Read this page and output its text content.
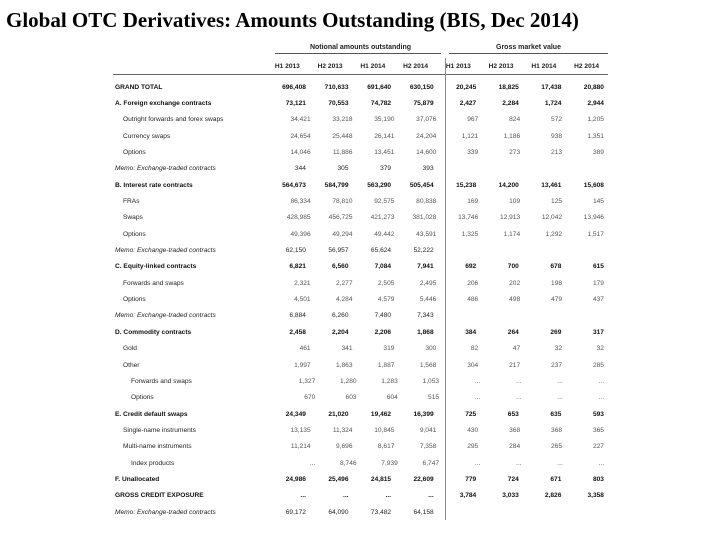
Global OTC Derivatives: Amounts Outstanding (BIS, Dec 2014)
Notional amounts outstanding	Gross market value
H1 2013	H2 2013	H1 2014	H2 2014	H1 2013	H2 2013	H1 2014	H2 2014
GRAND TOTAL	696,408	710,633	691,640	630,150	20,245	18,825	17,438	20,880
A. Foreign exchange contracts	73,121	70,553	74,782	75,879	2,427	2,284	1,724	2,944
Outright forwards and forex swaps	34,421	33,218	35,190	37,076	967	824	572	1,205
Currency swaps	24,654	25,448	26,141	24,204	1,121	1,186	938	1,351
Options	14,046	11,886	13,451	14,600	339	273	213	389
Memo: Exchange-traded contracts	344	305	379	393
B. Interest rate contracts	564,673	584,799	563,290	505,454	15,238	14,200	13,461	15,608
FRAs	86,334	78,810	92,575	80,838	169	109	125	145
Swaps	428,985	456,725	421,273	381,028	13,746	12,913	12,042	13,946
Options	49,396	49,294	49,442	43,591	1,325	1,174	1,292	1,517
Memo: Exchange-traded contracts	62,150	56,957	65,624	52,222
C. Equity-linked contracts	6,821	6,560	7,084	7,941	692	700	678	615
Forwards and swaps	2,321	2,277	2,505	2,495	206	202	198	179
Options	4,501	4,284	4,579	5,446	486	498	479	437
Memo: Exchange-traded contracts	6,884	6,260	7,480	7,343
D. Commodity contracts	2,458	2,204	2,206	1,868	384	264	269	317
Gold	461	341	319	300	82	47	32	32
Other	1,997	1,863	1,887	1,568	304	217	237	285
Forwards and swaps	1,327	1,280	1,283	1,053	...	...	...	...
Options	670	603	604	515	...	...	...	...
E. Credit default swaps	24,349	21,020	19,462	16,399	725	653	635	593
Single-name instruments	13,135	11,324	10,845	9,041	430	368	368	365
Multi-name instruments	11,214	9,696	8,617	7,358	295	284	265	227
Index products	...	8,746	7,939	6,747	...	...	...	...
F. Unallocated	24,986	25,496	24,815	22,609	779	724	671	803
GROSS CREDIT EXPOSURE	...	...	...	...	3,784	3,033	2,826	3,358
Memo: Exchange-traded contracts	69,172	64,090	73,482	64,158
